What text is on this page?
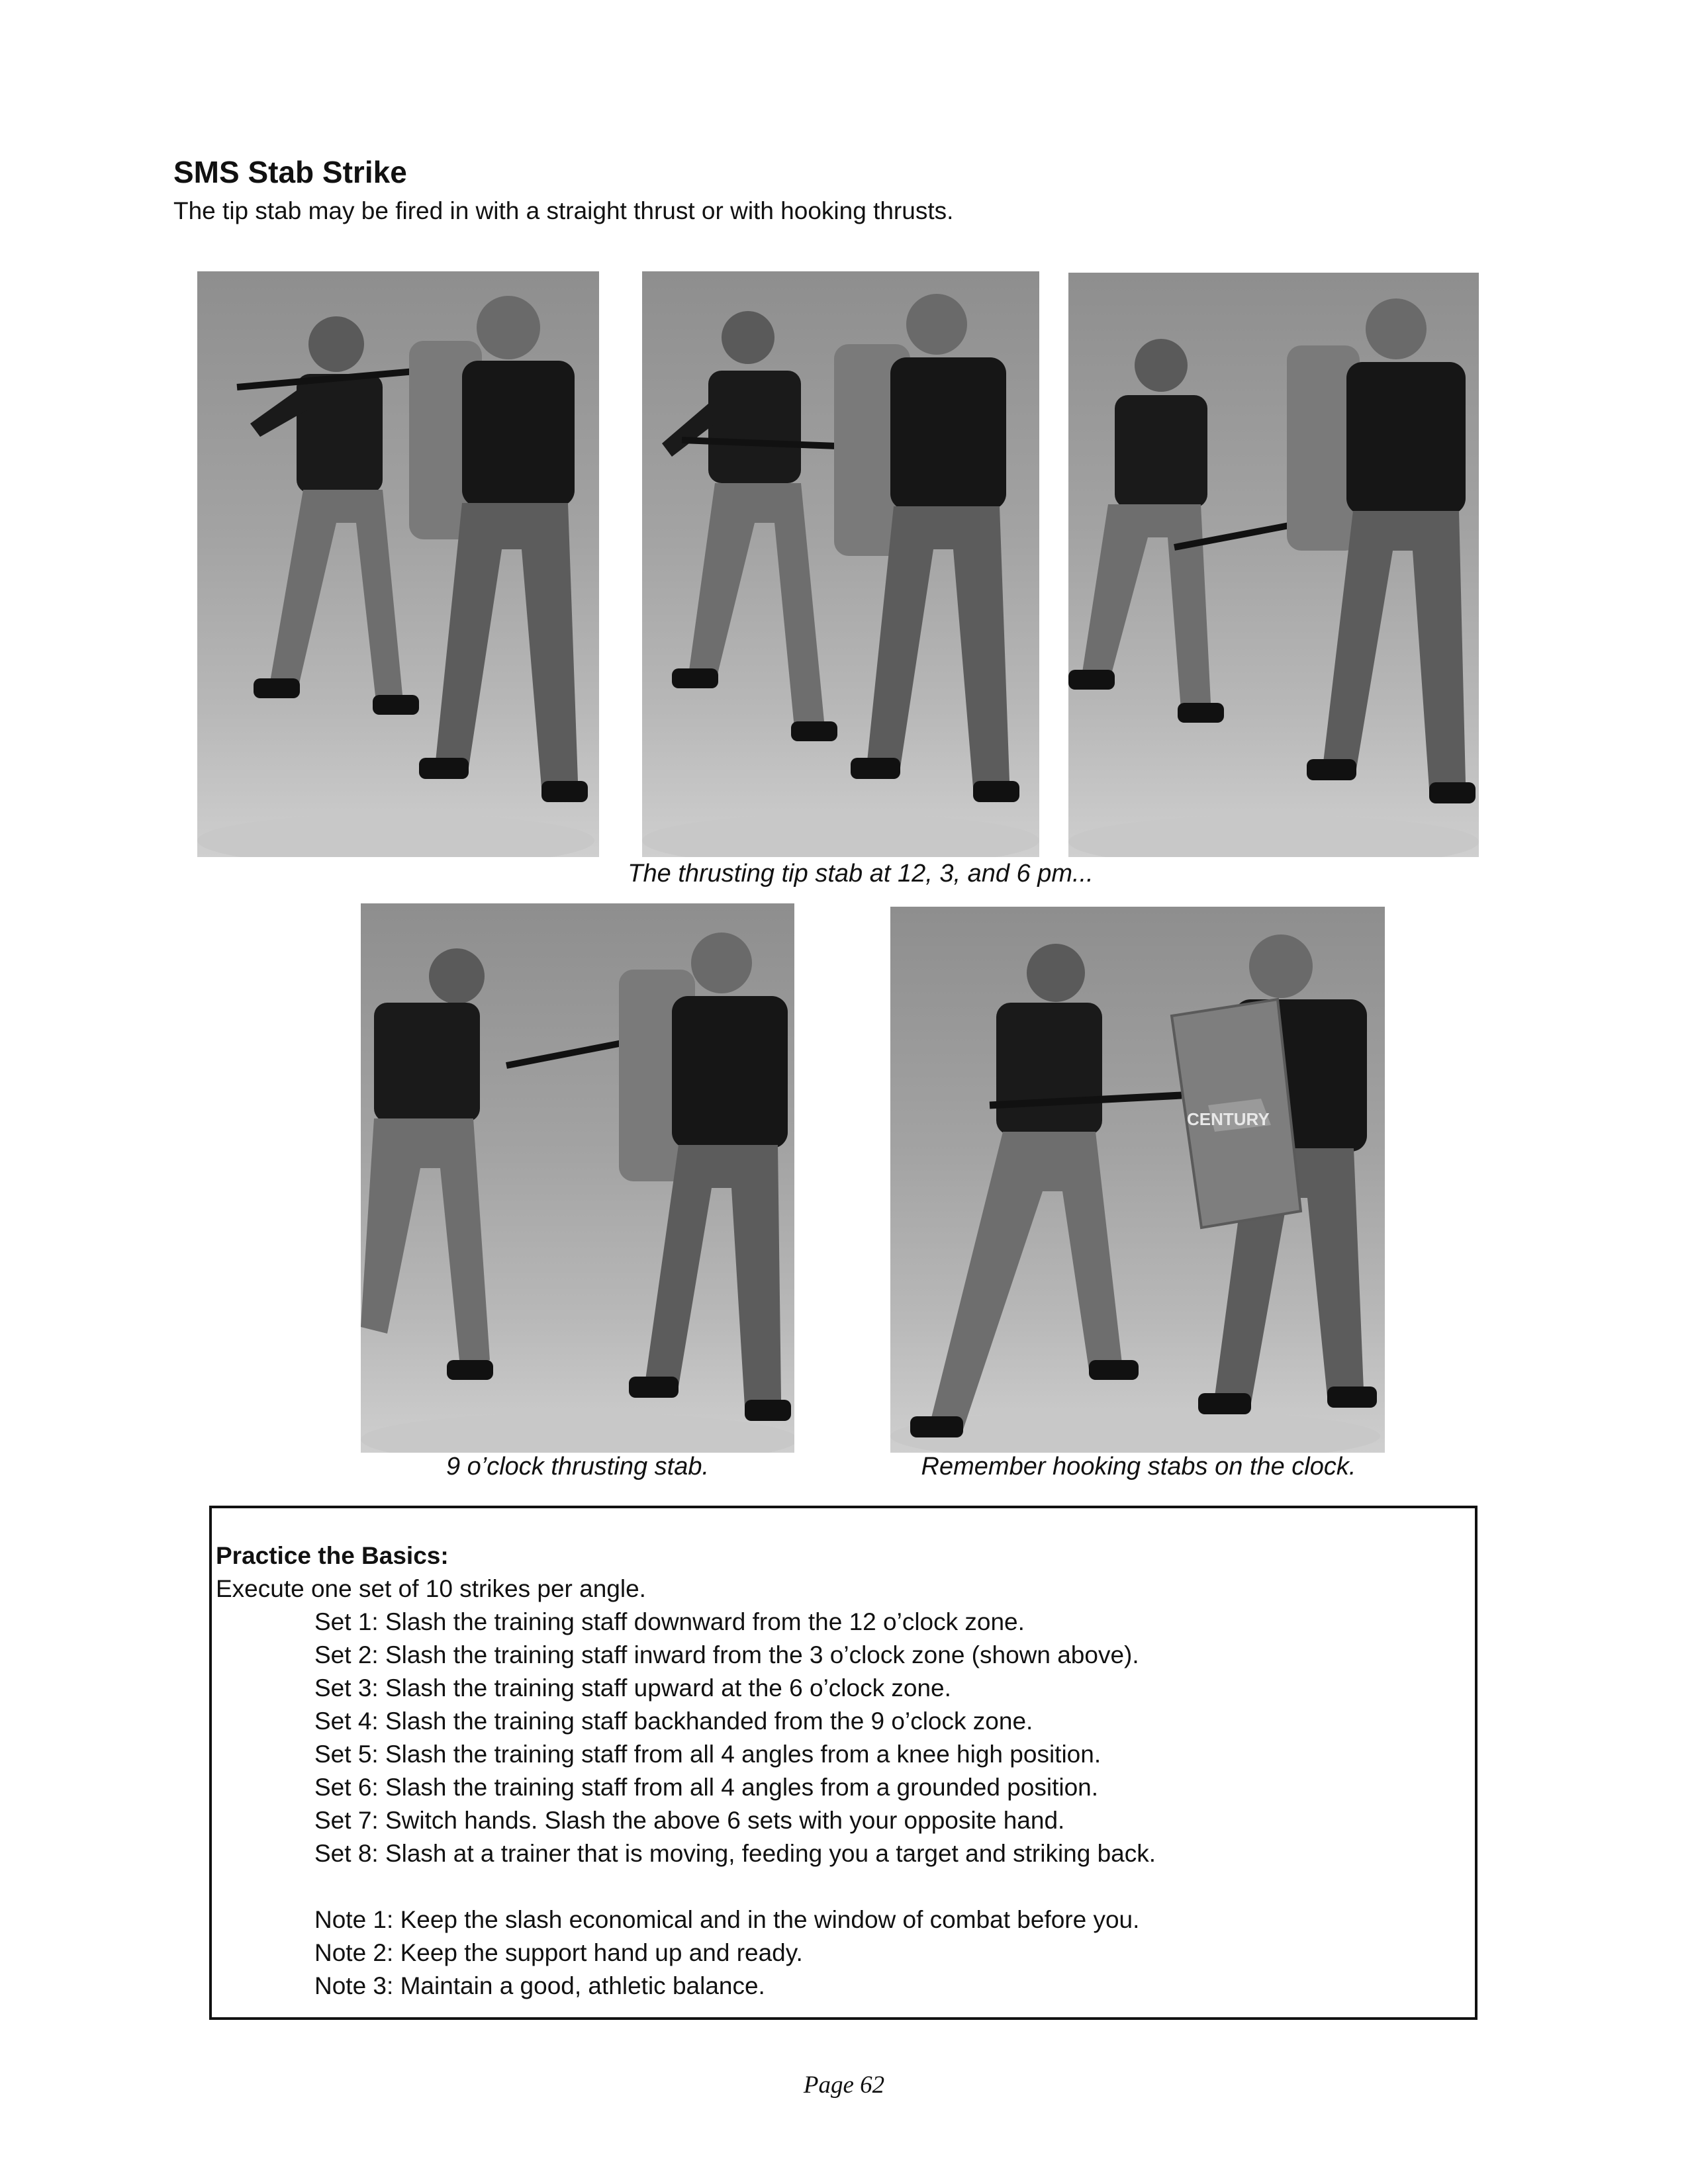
SMS Stab Strike
The tip stab may be fired in with a straight thrust or with hooking thrusts.
The thrusting tip stab at 12, 3, and 6 pm...
CENTURY
9 o’clock thrusting stab.	Remember hooking stabs on the clock.
Practice the Basics:
Execute one set of 10 strikes per angle.
Set 1: Slash the training staff downward from the 12 o’clock zone.
Set 2: Slash the training staff inward from the 3 o’clock zone (shown above).
Set 3: Slash the training staff upward at the 6 o’clock zone.
Set 4: Slash the training staff backhanded from the 9 o’clock zone.
Set 5: Slash the training staff from all 4 angles from a knee high position.
Set 6: Slash the training staff from all 4 angles from a grounded position.
Set 7: Switch hands. Slash the above 6 sets with your opposite hand.
Set 8: Slash at a trainer that is moving, feeding you a target and striking back.
Note 1: Keep the slash economical and in the window of combat before you.
Note 2: Keep the support hand up and ready.
Note 3: Maintain a good, athletic balance.
Page 62
